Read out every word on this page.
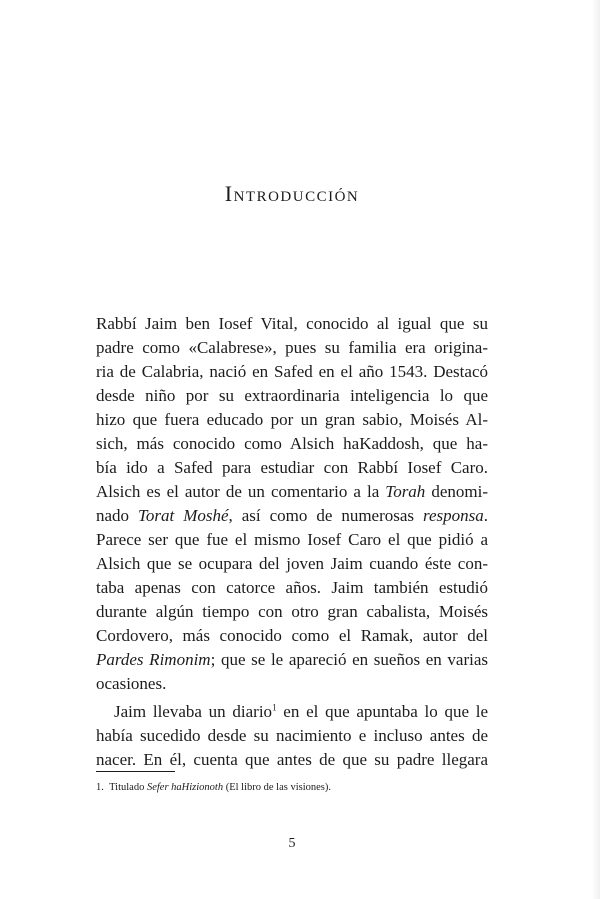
Introducción
Rabbí Jaim ben Iosef Vital, conocido al igual que su
padre como «Calabrese», pues su familia era origina-
ria de Calabria, nació en Safed en el año 1543. Destacó
desde niño por su extraordinaria inteligencia lo que
hizo que fuera educado por un gran sabio, Moisés Al-
sich, más conocido como Alsich haKaddosh, que ha-
bía ido a Safed para estudiar con Rabbí Iosef Caro.
Alsich es el autor de un comentario a la Torah denomi-
nado Torat Moshé, así como de numerosas responsa.
Parece ser que fue el mismo Iosef Caro el que pidió a
Alsich que se ocupara del joven Jaim cuando éste con-
taba apenas con catorce años. Jaim también estudió
durante algún tiempo con otro gran cabalista, Moisés
Cordovero, más conocido como el Ramak, autor del
Pardes Rimonim; que se le apareció en sueños en varias
ocasiones.
Jaim llevaba un diario$^1$ en el que apuntaba lo que le
había sucedido desde su nacimiento e incluso antes de
nacer. En él, cuenta que antes de que su padre llegara
1. Titulado Sefer haHizionoth (El libro de las visiones).
5
